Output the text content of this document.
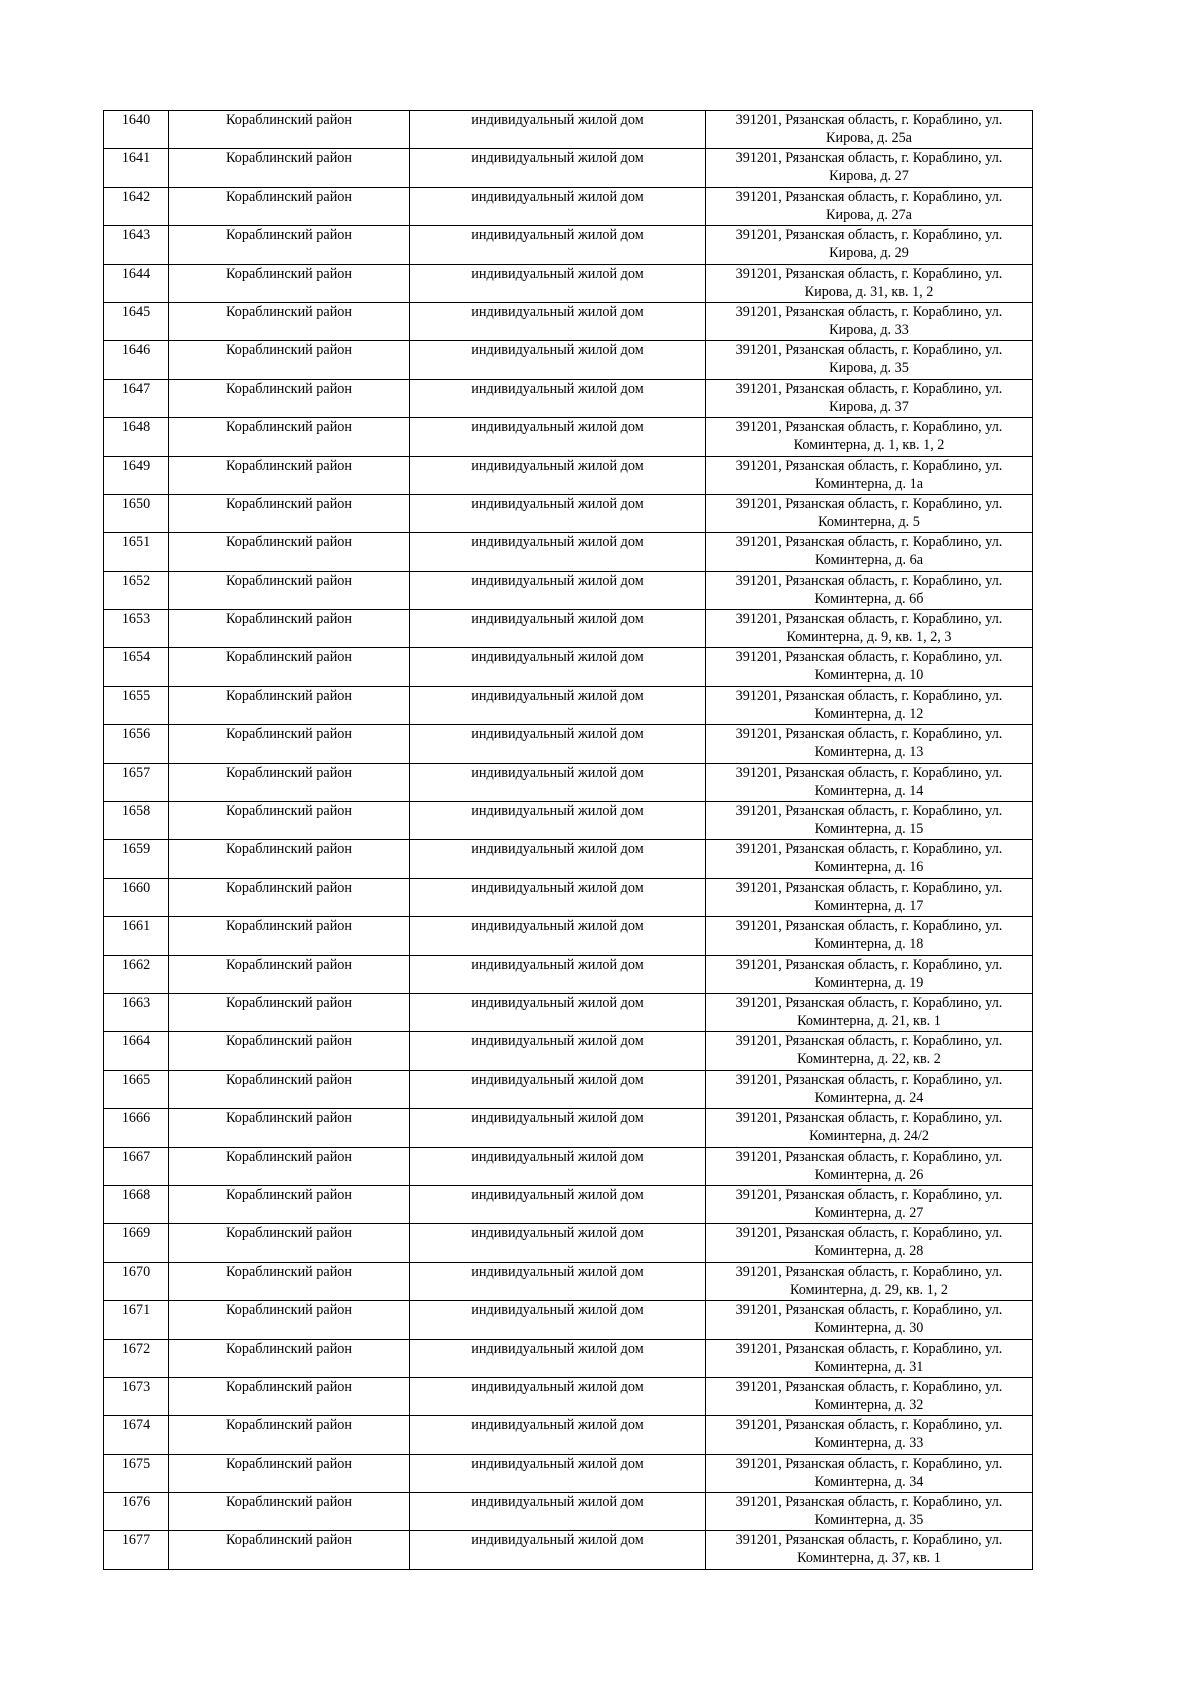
1640	Кораблинский район	индивидуальный жилой дом	391201, Рязанская область, г. Кораблино, ул. Кирова, д. 25а
1641	Кораблинский район	индивидуальный жилой дом	391201, Рязанская область, г. Кораблино, ул. Кирова, д. 27
1642	Кораблинский район	индивидуальный жилой дом	391201, Рязанская область, г. Кораблино, ул. Кирова, д. 27а
1643	Кораблинский район	индивидуальный жилой дом	391201, Рязанская область, г. Кораблино, ул. Кирова, д. 29
1644	Кораблинский район	индивидуальный жилой дом	391201, Рязанская область, г. Кораблино, ул. Кирова, д. 31, кв. 1, 2
1645	Кораблинский район	индивидуальный жилой дом	391201, Рязанская область, г. Кораблино, ул. Кирова, д. 33
1646	Кораблинский район	индивидуальный жилой дом	391201, Рязанская область, г. Кораблино, ул. Кирова, д. 35
1647	Кораблинский район	индивидуальный жилой дом	391201, Рязанская область, г. Кораблино, ул. Кирова, д. 37
1648	Кораблинский район	индивидуальный жилой дом	391201, Рязанская область, г. Кораблино, ул. Коминтерна, д. 1, кв. 1, 2
1649	Кораблинский район	индивидуальный жилой дом	391201, Рязанская область, г. Кораблино, ул. Коминтерна, д. 1а
1650	Кораблинский район	индивидуальный жилой дом	391201, Рязанская область, г. Кораблино, ул. Коминтерна, д. 5
1651	Кораблинский район	индивидуальный жилой дом	391201, Рязанская область, г. Кораблино, ул. Коминтерна, д. 6а
1652	Кораблинский район	индивидуальный жилой дом	391201, Рязанская область, г. Кораблино, ул. Коминтерна, д. 6б
1653	Кораблинский район	индивидуальный жилой дом	391201, Рязанская область, г. Кораблино, ул. Коминтерна, д. 9, кв. 1, 2, 3
1654	Кораблинский район	индивидуальный жилой дом	391201, Рязанская область, г. Кораблино, ул. Коминтерна, д. 10
1655	Кораблинский район	индивидуальный жилой дом	391201, Рязанская область, г. Кораблино, ул. Коминтерна, д. 12
1656	Кораблинский район	индивидуальный жилой дом	391201, Рязанская область, г. Кораблино, ул. Коминтерна, д. 13
1657	Кораблинский район	индивидуальный жилой дом	391201, Рязанская область, г. Кораблино, ул. Коминтерна, д. 14
1658	Кораблинский район	индивидуальный жилой дом	391201, Рязанская область, г. Кораблино, ул. Коминтерна, д. 15
1659	Кораблинский район	индивидуальный жилой дом	391201, Рязанская область, г. Кораблино, ул. Коминтерна, д. 16
1660	Кораблинский район	индивидуальный жилой дом	391201, Рязанская область, г. Кораблино, ул. Коминтерна, д. 17
1661	Кораблинский район	индивидуальный жилой дом	391201, Рязанская область, г. Кораблино, ул. Коминтерна, д. 18
1662	Кораблинский район	индивидуальный жилой дом	391201, Рязанская область, г. Кораблино, ул. Коминтерна, д. 19
1663	Кораблинский район	индивидуальный жилой дом	391201, Рязанская область, г. Кораблино, ул. Коминтерна, д. 21, кв. 1
1664	Кораблинский район	индивидуальный жилой дом	391201, Рязанская область, г. Кораблино, ул. Коминтерна, д. 22, кв. 2
1665	Кораблинский район	индивидуальный жилой дом	391201, Рязанская область, г. Кораблино, ул. Коминтерна, д. 24
1666	Кораблинский район	индивидуальный жилой дом	391201, Рязанская область, г. Кораблино, ул. Коминтерна, д. 24/2
1667	Кораблинский район	индивидуальный жилой дом	391201, Рязанская область, г. Кораблино, ул. Коминтерна, д. 26
1668	Кораблинский район	индивидуальный жилой дом	391201, Рязанская область, г. Кораблино, ул. Коминтерна, д. 27
1669	Кораблинский район	индивидуальный жилой дом	391201, Рязанская область, г. Кораблино, ул. Коминтерна, д. 28
1670	Кораблинский район	индивидуальный жилой дом	391201, Рязанская область, г. Кораблино, ул. Коминтерна, д. 29, кв. 1, 2
1671	Кораблинский район	индивидуальный жилой дом	391201, Рязанская область, г. Кораблино, ул. Коминтерна, д. 30
1672	Кораблинский район	индивидуальный жилой дом	391201, Рязанская область, г. Кораблино, ул. Коминтерна, д. 31
1673	Кораблинский район	индивидуальный жилой дом	391201, Рязанская область, г. Кораблино, ул. Коминтерна, д. 32
1674	Кораблинский район	индивидуальный жилой дом	391201, Рязанская область, г. Кораблино, ул. Коминтерна, д. 33
1675	Кораблинский район	индивидуальный жилой дом	391201, Рязанская область, г. Кораблино, ул. Коминтерна, д. 34
1676	Кораблинский район	индивидуальный жилой дом	391201, Рязанская область, г. Кораблино, ул. Коминтерна, д. 35
1677	Кораблинский район	индивидуальный жилой дом	391201, Рязанская область, г. Кораблино, ул. Коминтерна, д. 37, кв. 1
